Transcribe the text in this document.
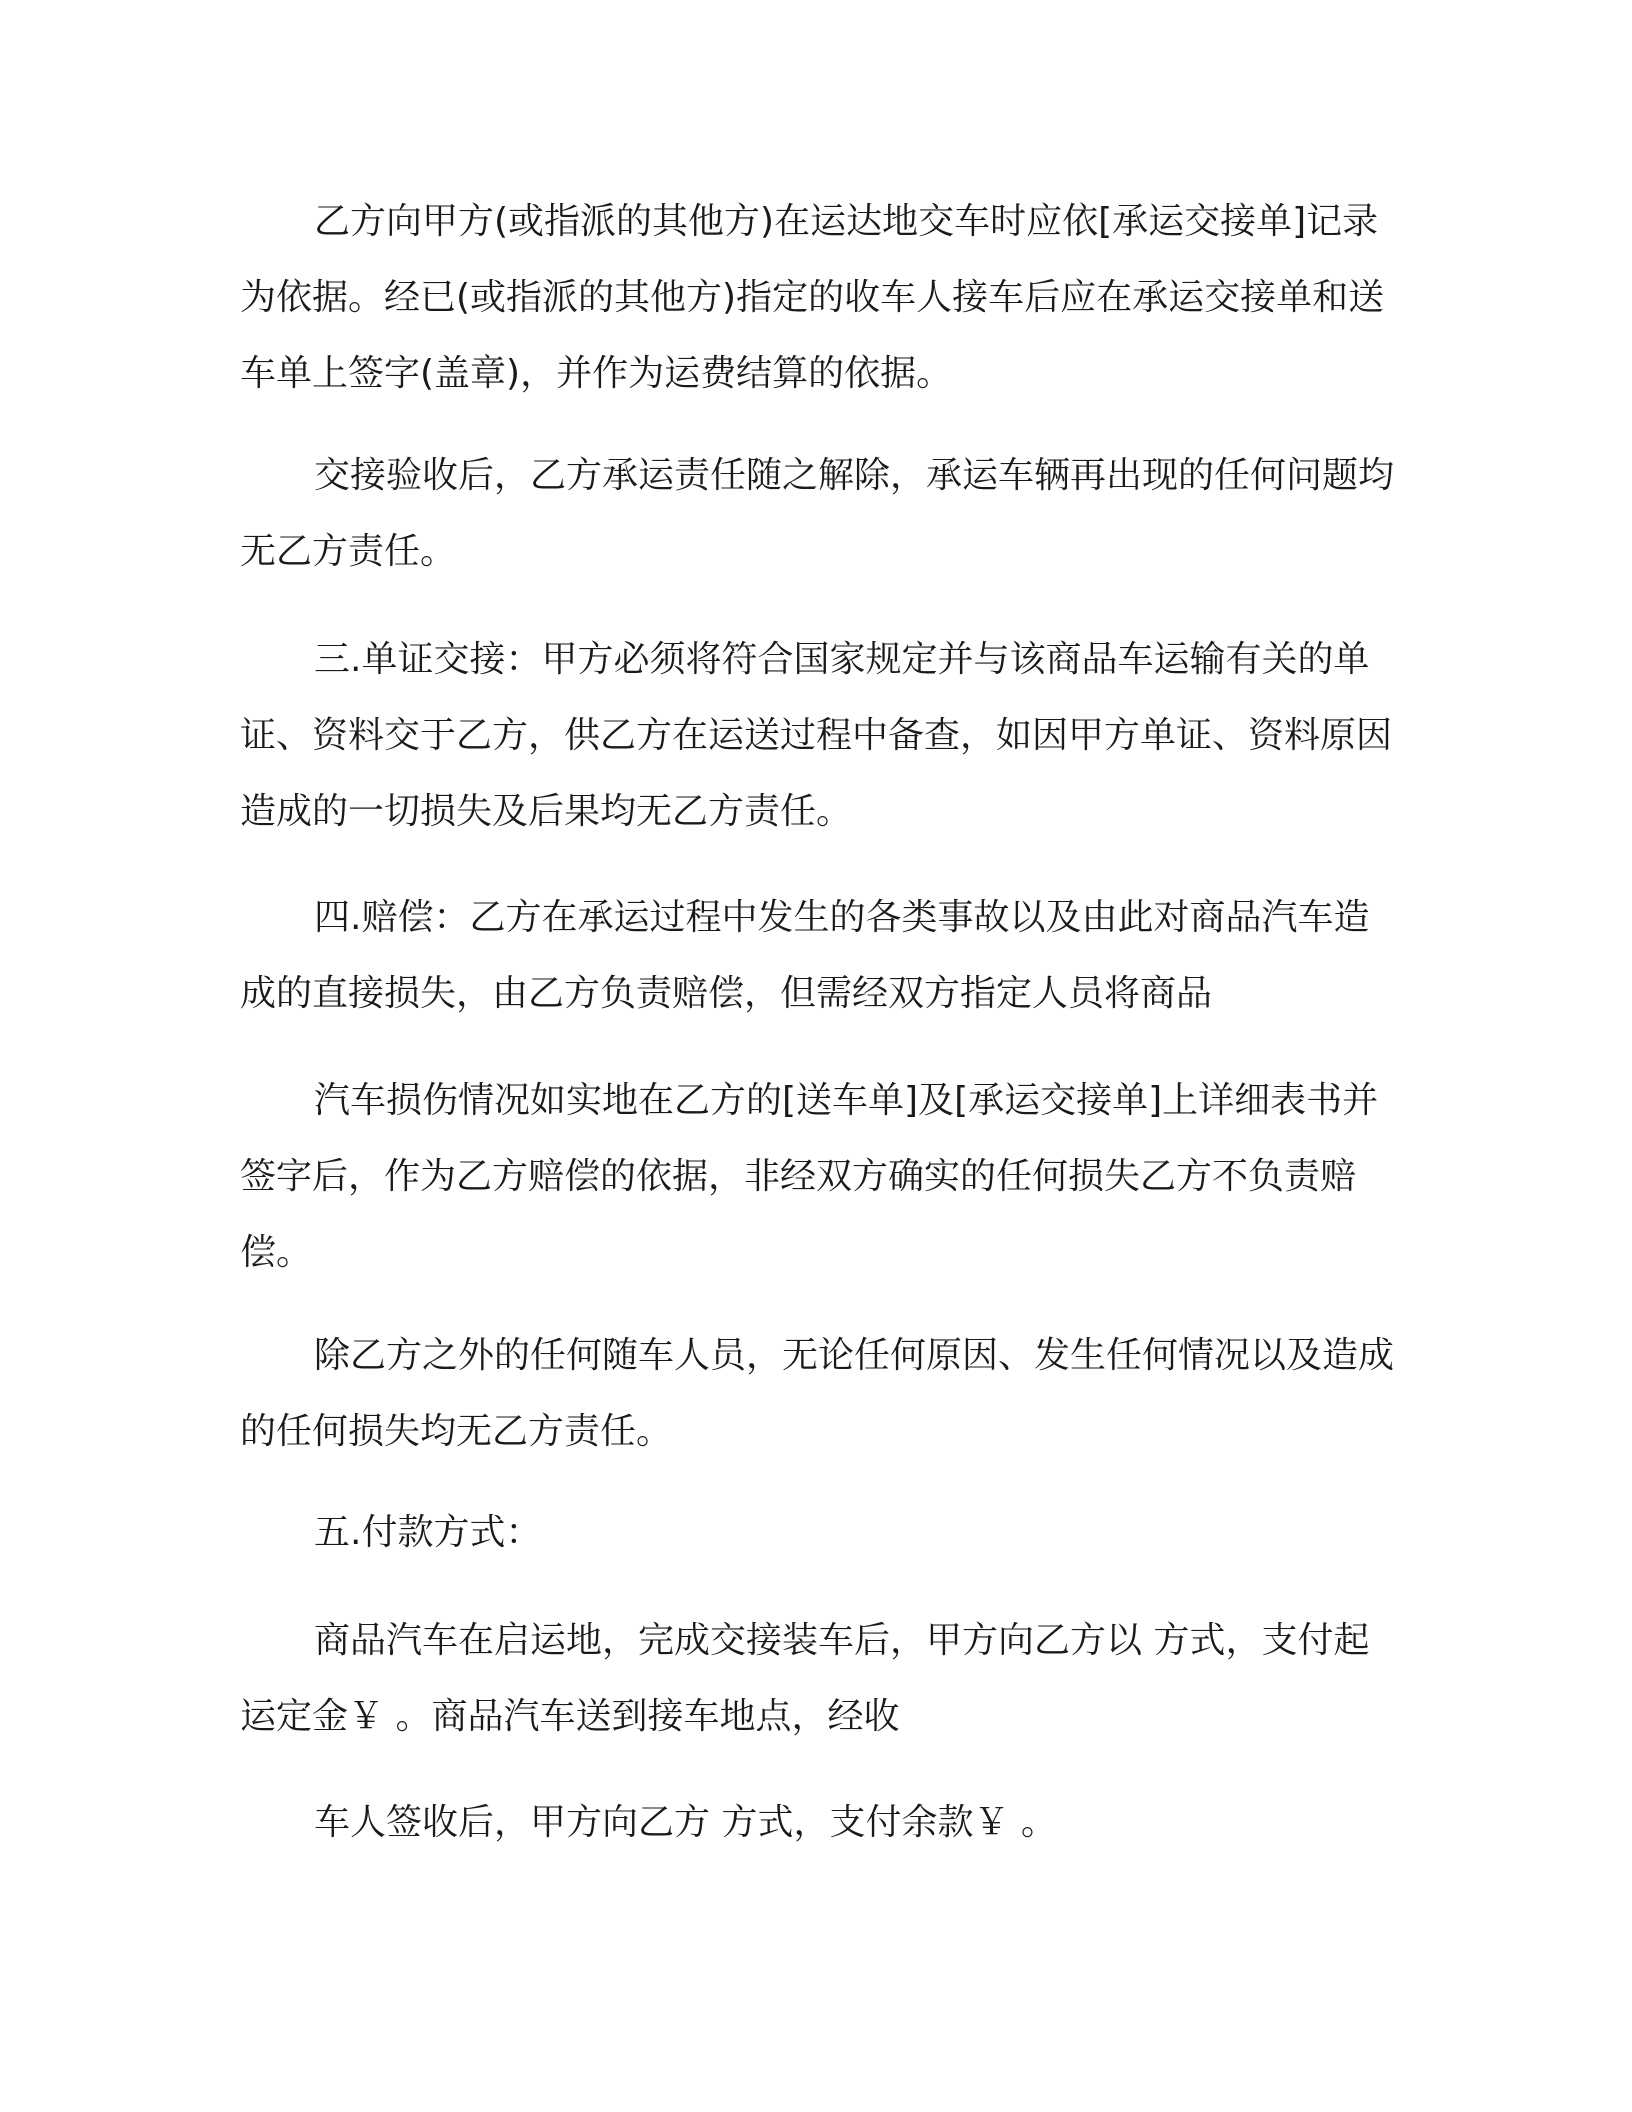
乙方向甲方(或指派的其他方)在运达地交车时应依[承运交接单]记录为依据。经已(或指派的其他方)指定的收车人接车后应在承运交接单和送车单上签字(盖章)，并作为运费结算的依据。

交接验收后，乙方承运责任随之解除，承运车辆再出现的任何问题均无乙方责任。

三.单证交接：甲方必须将符合国家规定并与该商品车运输有关的单证、资料交于乙方，供乙方在运送过程中备查，如因甲方单证、资料原因造成的一切损失及后果均无乙方责任。

四.赔偿：乙方在承运过程中发生的各类事故以及由此对商品汽车造成的直接损失，由乙方负责赔偿，但需经双方指定人员将商品

汽车损伤情况如实地在乙方的[送车单]及[承运交接单]上详细表书并签字后，作为乙方赔偿的依据，非经双方确实的任何损失乙方不负责赔偿。

除乙方之外的任何随车人员，无论任何原因、发生任何情况以及造成的任何损失均无乙方责任。

五.付款方式：

商品汽车在启运地，完成交接装车后，甲方向乙方以 方式，支付起运定金￥ 。商品汽车送到接车地点，经收

车人签收后，甲方向乙方 方式，支付余款￥ 。
